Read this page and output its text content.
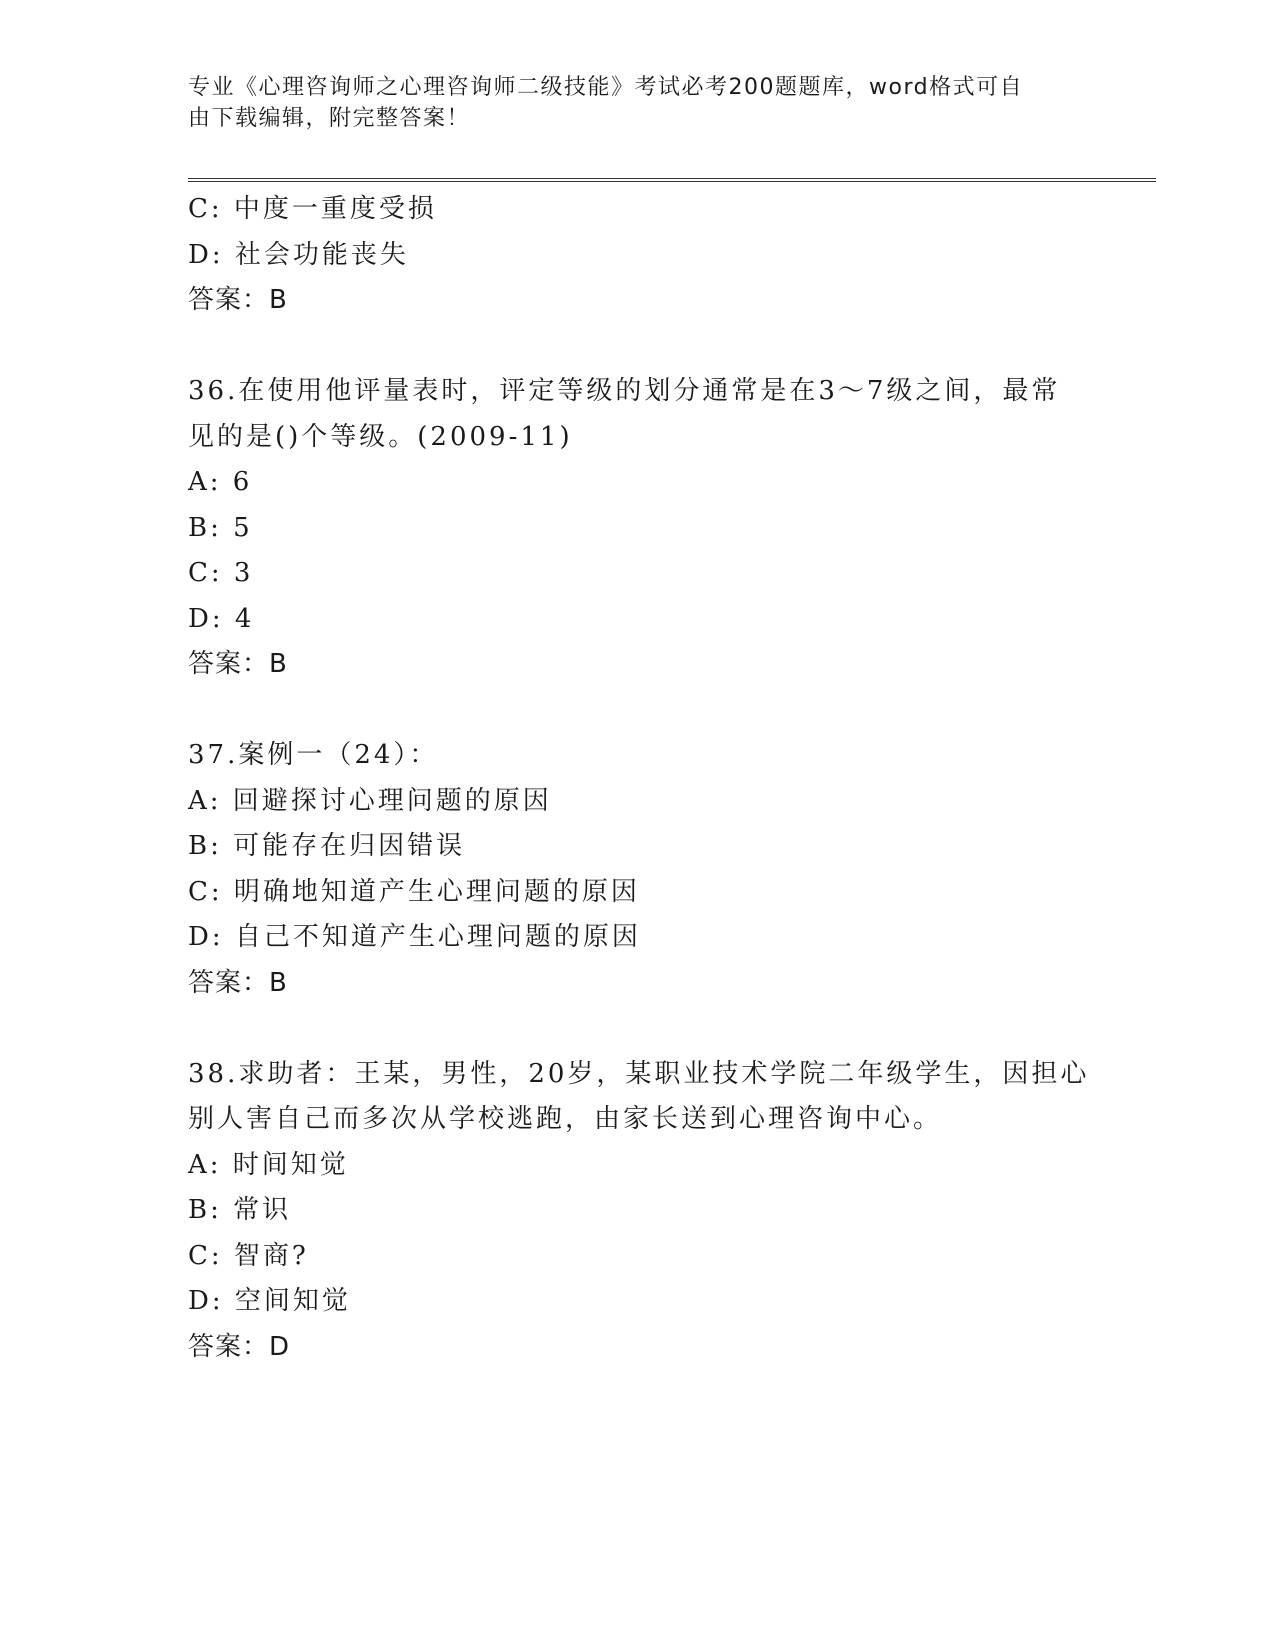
专业《心理咨询师之心理咨询师二级技能》考试必考200题题库，word格式可自
由下载编辑，附完整答案！
C: 中度一重度受损
D: 社会功能丧失
答案：B
36.在使用他评量表时，评定等级的划分通常是在3～7级之间，最常
见的是()个等级。(2009-11)
A: 6
B: 5
C: 3
D: 4
答案：B
37.案例一（24）：
A: 回避探讨心理问题的原因
B: 可能存在归因错误
C: 明确地知道产生心理问题的原因
D: 自己不知道产生心理问题的原因
答案：B
38.求助者：王某，男性，20岁，某职业技术学院二年级学生，因担心
别人害自己而多次从学校逃跑，由家长送到心理咨询中心。
A: 时间知觉
B: 常识
C: 智商?
D: 空间知觉
答案：D
